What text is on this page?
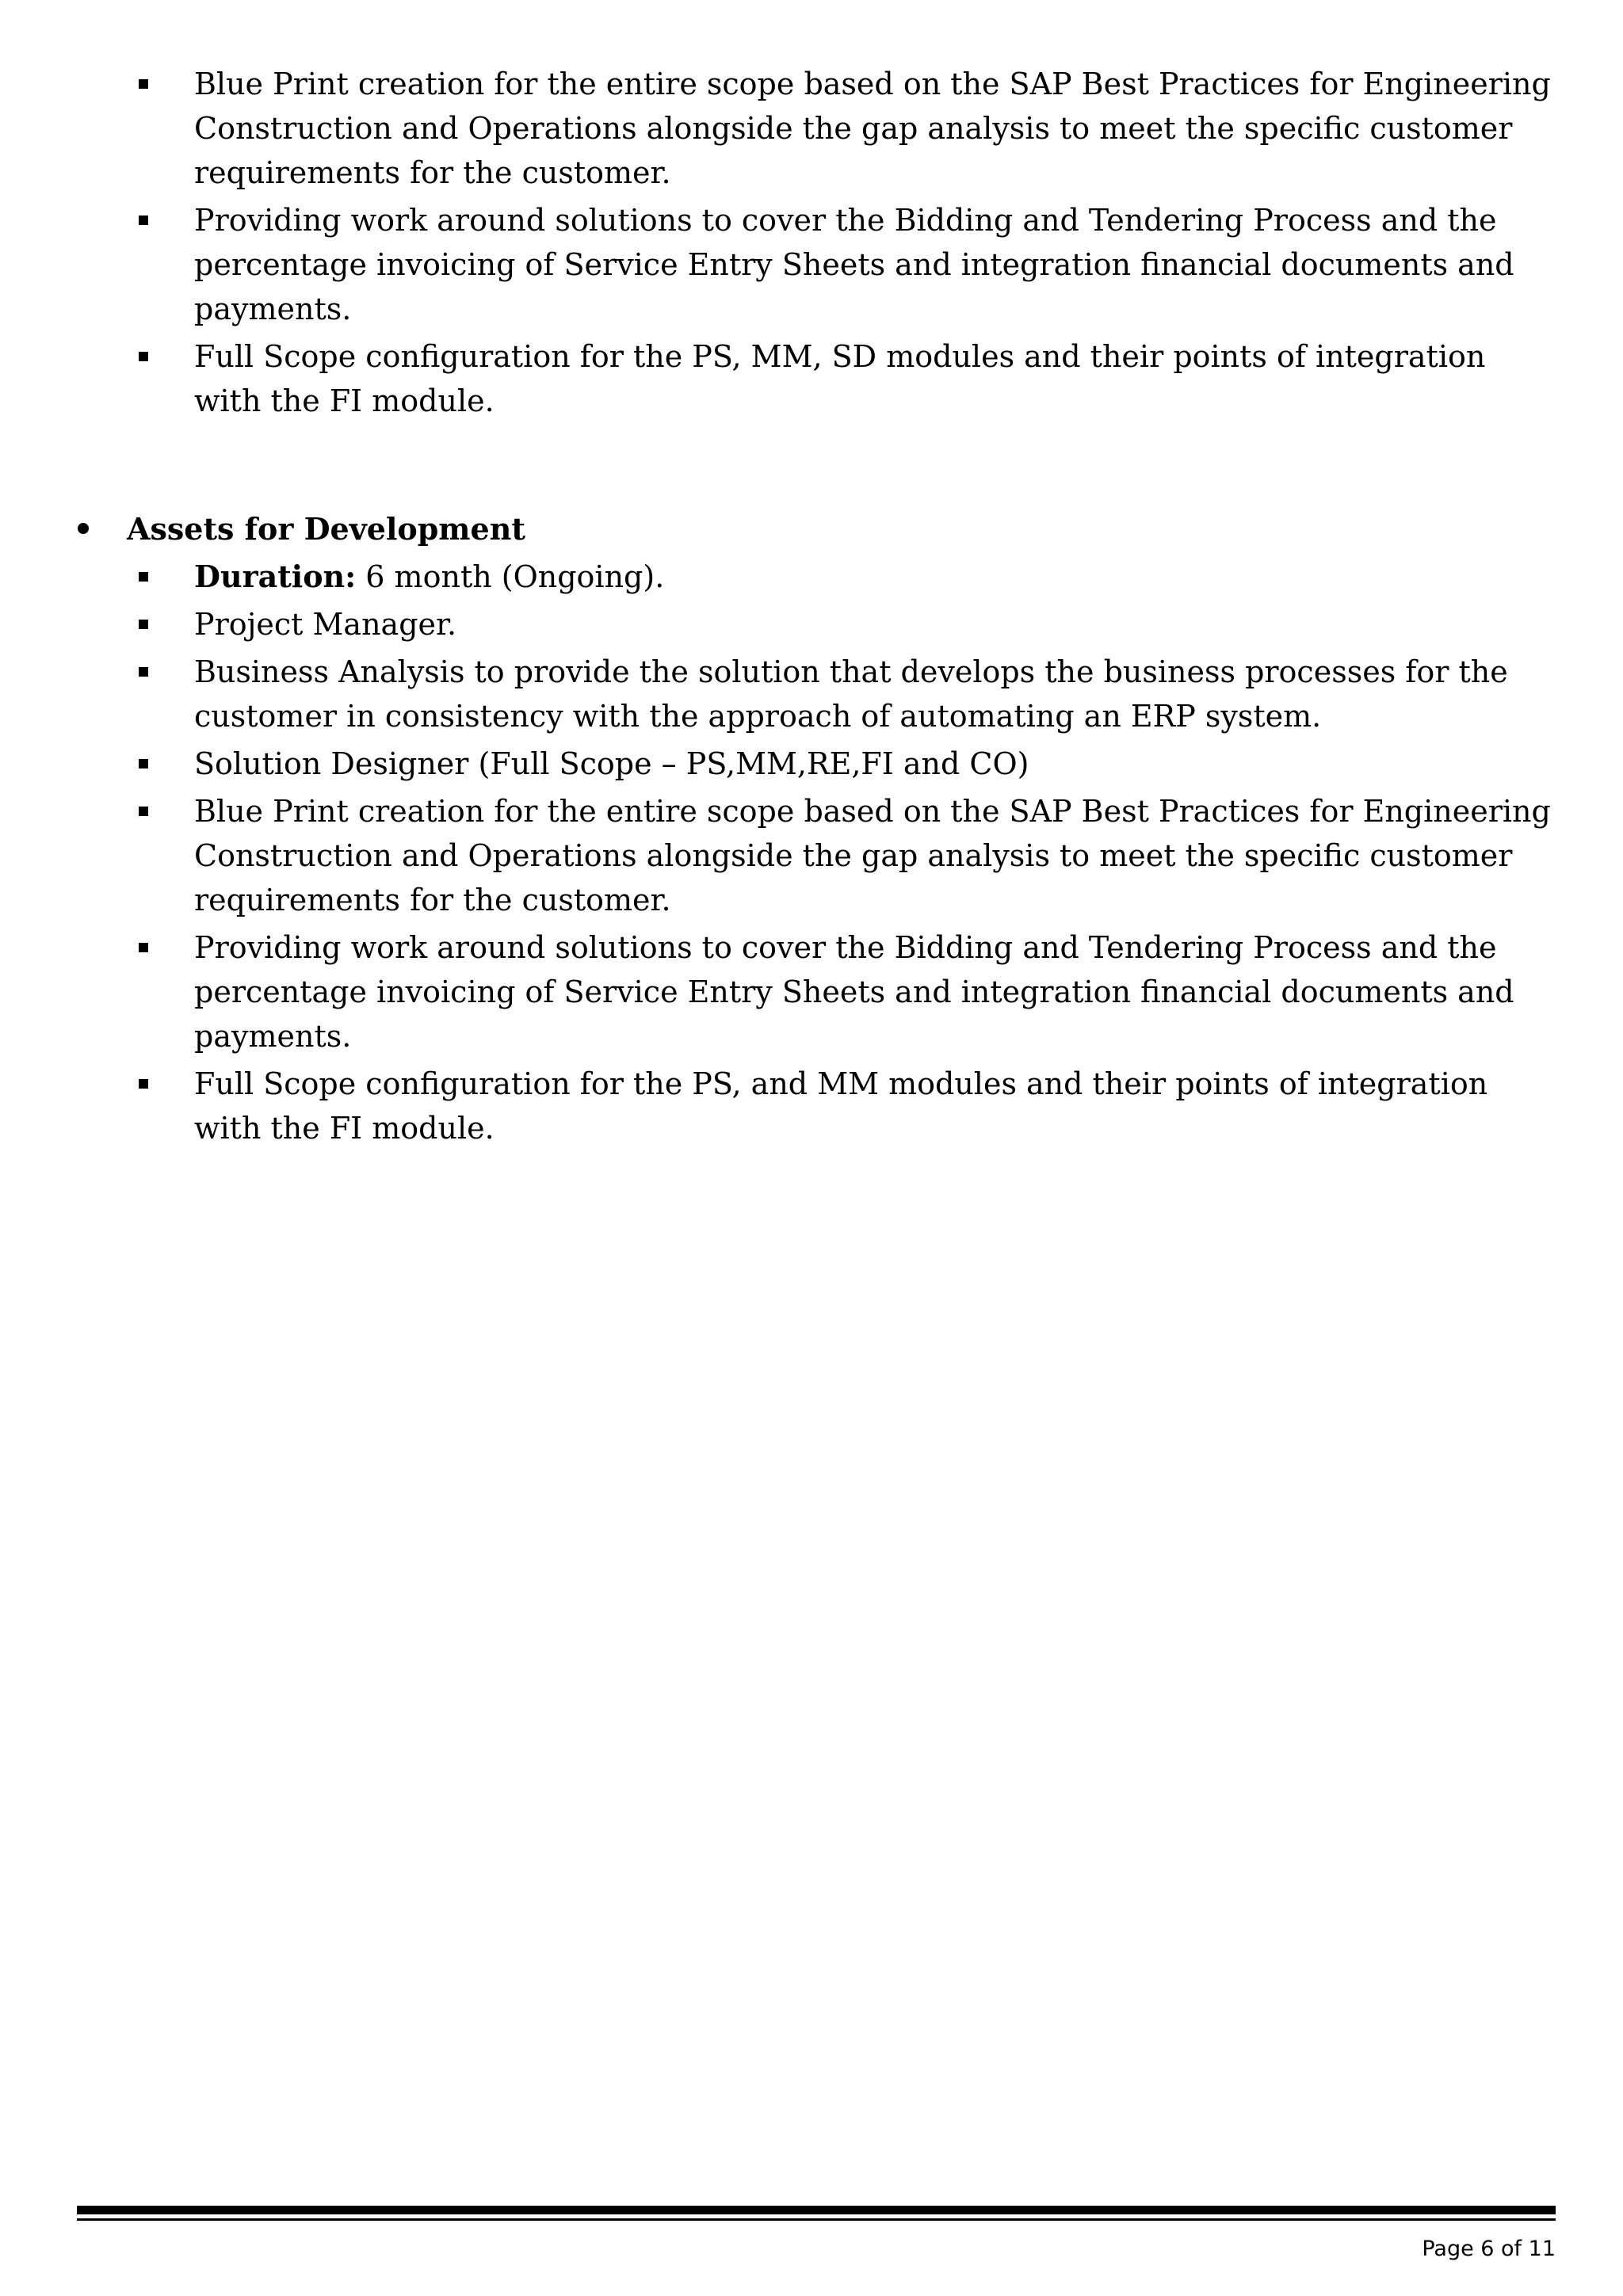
Blue Print creation for the entire scope based on the SAP Best Practices for Engineering Construction and Operations alongside the gap analysis to meet the specific customer requirements for the customer.
Providing work around solutions to cover the Bidding and Tendering Process and the percentage invoicing of Service Entry Sheets and integration financial documents and payments.
Full Scope configuration for the PS, MM, SD modules and their points of integration with the FI module.
Assets for Development
Duration: 6 month (Ongoing).
Project Manager.
Business Analysis to provide the solution that develops the business processes for the customer in consistency with the approach of automating an ERP system.
Solution Designer (Full Scope – PS,MM,RE,FI and CO)
Blue Print creation for the entire scope based on the SAP Best Practices for Engineering Construction and Operations alongside the gap analysis to meet the specific customer requirements for the customer.
Providing work around solutions to cover the Bidding and Tendering Process and the percentage invoicing of Service Entry Sheets and integration financial documents and payments.
Full Scope configuration for the PS, and MM modules and their points of integration with the FI module.
Page 6 of 11
